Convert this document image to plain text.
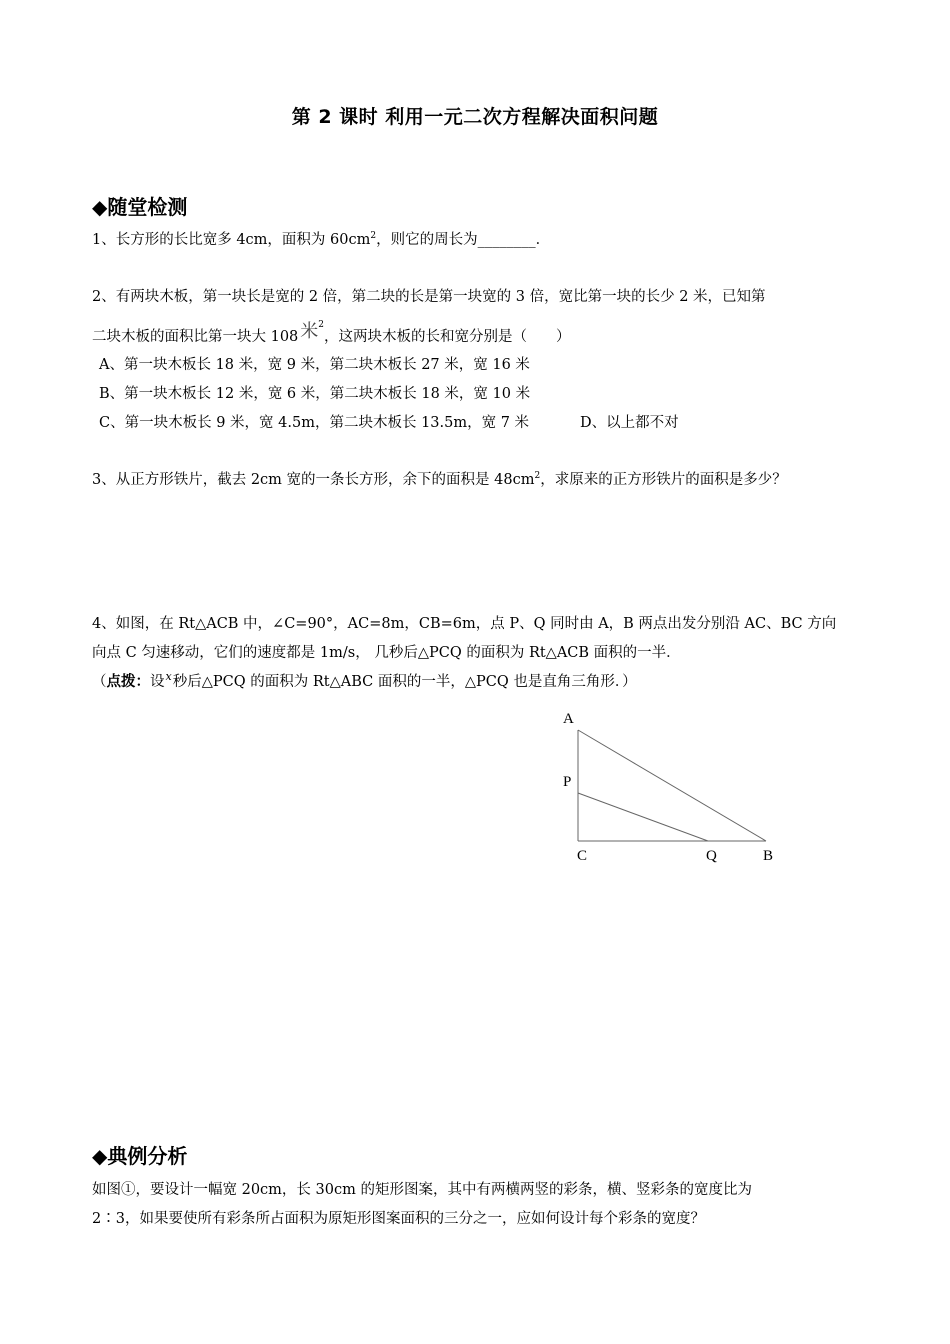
第 2 课时 利用一元二次方程解决面积问题
◆随堂检测
1、长方形的长比宽多 4cm，面积为 $60cm^2$，则它的周长为________．
2、有两块木板，第一块长是宽的 2 倍，第二块的长是第一块宽的 3 倍，宽比第一块的长少 2 米，已知第
二块木板的面积比第一块大 108 米$^2$，这两块木板的长和宽分别是（　　）
A、第一块木板长 18 米，宽 9 米，第二块木板长 27 米，宽 16 米
B、第一块木板长 12 米，宽 6 米，第二块木板长 18 米，宽 10 米
C、第一块木板长 9 米，宽 4.5m，第二块木板长 13.5m，宽 7 米	D、以上都不对
3、从正方形铁片，截去 2cm 宽的一条长方形，余下的面积是 $48cm^2$，求原来的正方形铁片的面积是多少？
4、如图，在 Rt△ACB 中，∠C=90°，AC=8m，CB=6m，点 P、Q 同时由 A，B 两点出发分别沿 AC、BC 方向
向点 C 匀速移动，它们的速度都是 1m/s， 几秒后△PCQ 的面积为 Rt△ACB 面积的一半．
（点拨：设$^x$秒后△PCQ 的面积为 Rt△ABC 面积的一半，△PCQ 也是直角三角形．）
A
P
C	Q	B
◆典例分析
如图①，要设计一幅宽 20cm，长 30cm 的矩形图案，其中有两横两竖的彩条，横、竖彩条的宽度比为
2∶3，如果要使所有彩条所占面积为原矩形图案面积的三分之一，应如何设计每个彩条的宽度？
